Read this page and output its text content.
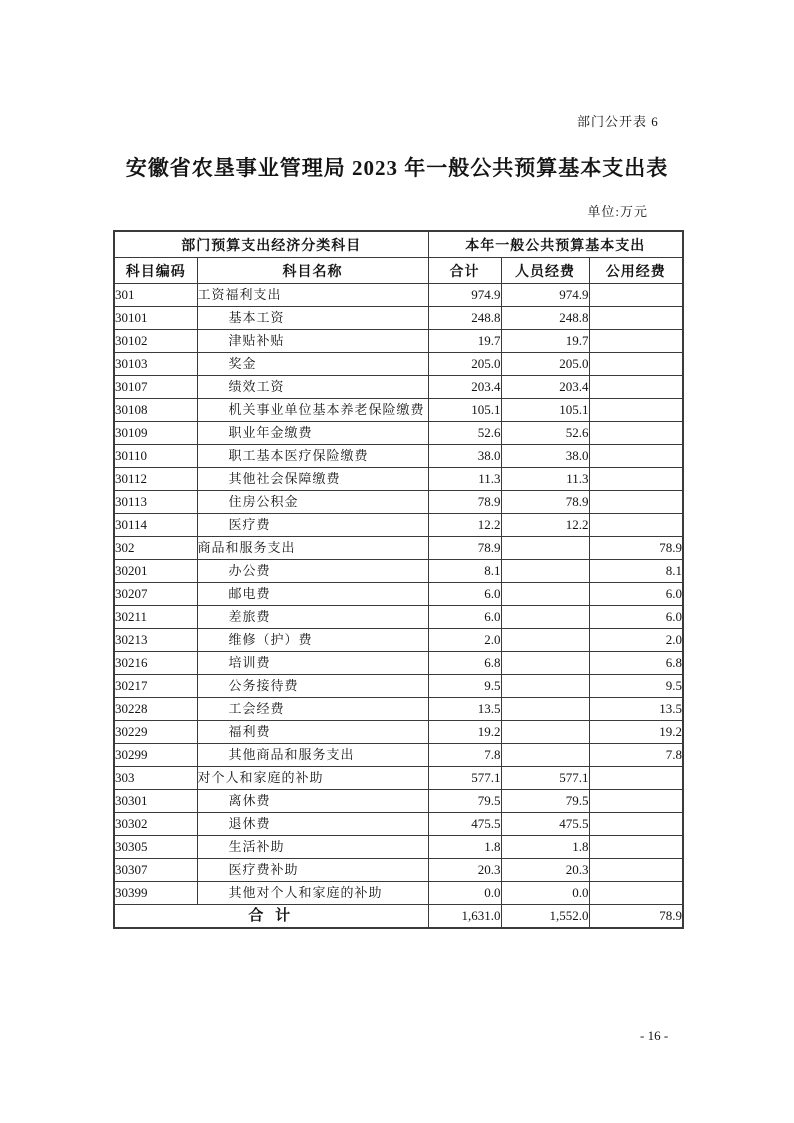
部门公开表 6
安徽省农垦事业管理局 2023 年一般公共预算基本支出表
单位:万元
部门预算支出经济分类科目		本年一般公共预算基本支出		
科目编码	科目名称	合计	人员经费	公用经费
301	工资福利支出	974.9	974.9	
30101	基本工资	248.8	248.8	
30102	津贴补贴	19.7	19.7	
30103	奖金	205.0	205.0	
30107	绩效工资	203.4	203.4	
30108	机关事业单位基本养老保险缴费	105.1	105.1	
30109	职业年金缴费	52.6	52.6	
30110	职工基本医疗保险缴费	38.0	38.0	
30112	其他社会保障缴费	11.3	11.3	
30113	住房公积金	78.9	78.9	
30114	医疗费	12.2	12.2	
302	商品和服务支出	78.9		78.9
30201	办公费	8.1		8.1
30207	邮电费	6.0		6.0
30211	差旅费	6.0		6.0
30213	维修（护）费	2.0		2.0
30216	培训费	6.8		6.8
30217	公务接待费	9.5		9.5
30228	工会经费	13.5		13.5
30229	福利费	19.2		19.2
30299	其他商品和服务支出	7.8		7.8
303	对个人和家庭的补助	577.1	577.1	
30301	离休费	79.5	79.5	
30302	退休费	475.5	475.5	
30305	生活补助	1.8	1.8	
30307	医疗费补助	20.3	20.3	
30399	其他对个人和家庭的补助	0.0	0.0	
合 计		1,631.0	1,552.0	78.9
- 16 -
